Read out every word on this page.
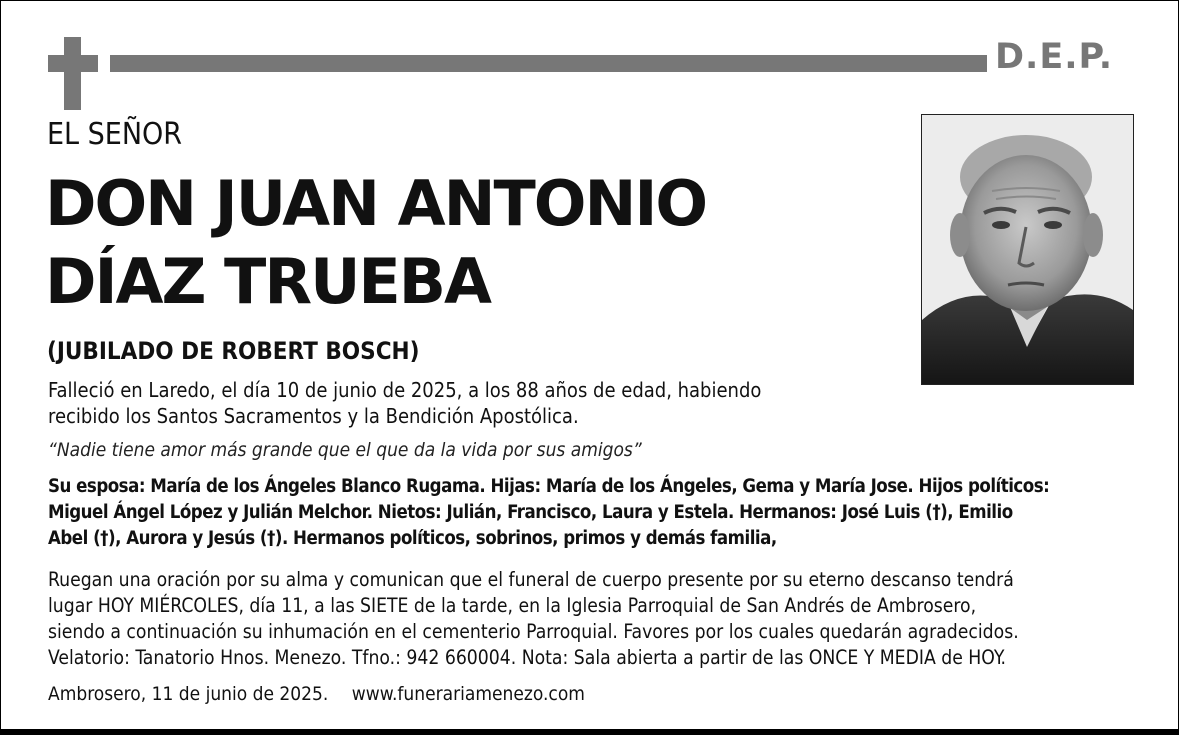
D.E.P.
EL SEÑOR
DON JUAN ANTONIO
DÍAZ TRUEBA
(JUBILADO DE ROBERT BOSCH)
Falleció en Laredo, el día 10 de junio de 2025, a los 88 años de edad, habiendo
recibido los Santos Sacramentos y la Bendición Apostólica.
“Nadie tiene amor más grande que el que da la vida por sus amigos”
Su esposa: María de los Ángeles Blanco Rugama. Hijas: María de los Ángeles, Gema y María Jose. Hijos políticos:
Miguel Ángel López y Julián Melchor. Nietos: Julián, Francisco, Laura y Estela. Hermanos: José Luis (†), Emilio
Abel (†), Aurora y Jesús (†). Hermanos políticos, sobrinos, primos y demás familia,
Ruegan una oración por su alma y comunican que el funeral de cuerpo presente por su eterno descanso tendrá
lugar HOY MIÉRCOLES, día 11, a las SIETE de la tarde, en la Iglesia Parroquial de San Andrés de Ambrosero,
siendo a continuación su inhumación en el cementerio Parroquial. Favores por los cuales quedarán agradecidos.
Velatorio: Tanatorio Hnos. Menezo. Tfno.: 942 660004. Nota: Sala abierta a partir de las ONCE Y MEDIA de HOY.
Ambrosero, 11 de junio de 2025. www.funerariamenezo.com
